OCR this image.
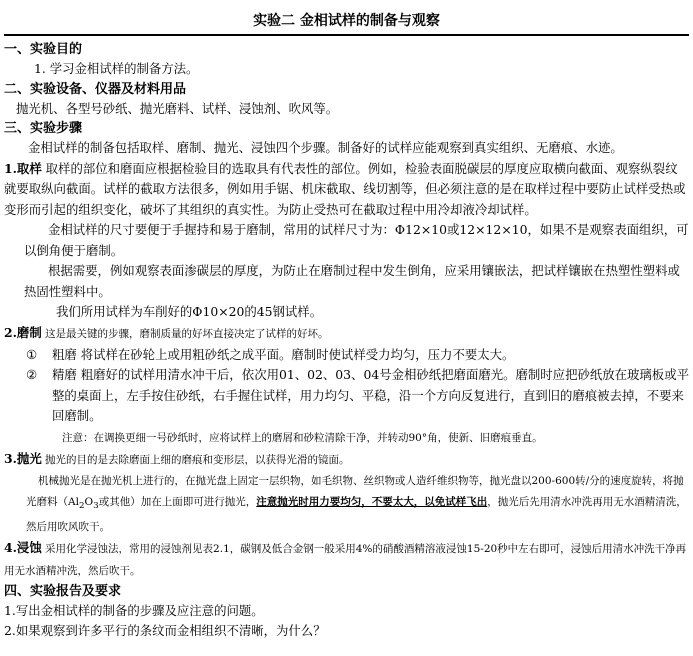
实验二 金相试样的制备与观察
一、实验目的
1. 学习金相试样的制备方法。
二、实验设备、仪器及材料用品
抛光机、各型号砂纸、抛光磨料、试样、浸蚀剂、吹风等。
三、实验步骤
金相试样的制备包括取样、磨制、抛光、浸蚀四个步骤。制备好的试样应能观察到真实组织、无磨痕、水迹。
1.取样 取样的部位和磨面应根据检验目的选取具有代表性的部位。例如，检验表面脱碳层的厚度应取横向截面、观察纵裂纹就要取纵向截面。试样的截取方法很多，例如用手锯、机床截取、线切割等，但必须注意的是在取样过程中要防止试样受热或变形而引起的组织变化，破坏了其组织的真实性。为防止受热可在截取过程中用冷却液冷却试样。
金相试样的尺寸要便于手握持和易于磨制，常用的试样尺寸为：Φ12×10或12×12×10，如果不是观察表面组织，可以倒角便于磨制。
根据需要，例如观察表面渗碳层的厚度，为防止在磨制过程中发生倒角，应采用镶嵌法，把试样镶嵌在热塑性塑料或热固性塑料中。
我们所用试样为车削好的Φ10×20的45钢试样。
2.磨制 这是最关键的步骤，磨制质量的好坏直接决定了试样的好坏。
① 粗磨 将试样在砂轮上或用粗砂纸之成平面。磨制时使试样受力均匀，压力不要太大。
② 精磨 粗磨好的试样用清水冲干后，依次用01、02、03、04号金相砂纸把磨面磨光。磨制时应把砂纸放在玻璃板或平整的桌面上，左手按住砂纸，右手握住试样，用力均匀、平稳，沿一个方向反复进行，直到旧的磨痕被去掉，不要来回磨制。
注意：在调换更细一号砂纸时，应将试样上的磨屑和砂粒清除干净，并转动90°角，使新、旧磨痕垂直。
3.抛光 抛光的目的是去除磨面上细的磨痕和变形层，以获得光滑的镜面。
机械抛光是在抛光机上进行的，在抛光盘上固定一层织物，如毛织物、丝织物或人造纤维织物等，抛光盘以200-600转/分的速度旋转，将抛光磨料（$Al_2O_3$或其他）加在上面即可进行抛光，注意抛光时用力要均匀，不要太大，以免试样飞出，抛光后先用清水冲洗再用无水酒精清洗，然后用吹风吹干。
4.浸蚀 采用化学浸蚀法，常用的浸蚀剂见表2.1，碳钢及低合金钢一般采用4%的硝酸酒精溶液浸蚀15-20秒中左右即可，浸蚀后用清水冲洗干净再用无水酒精冲洗，然后吹干。
四、实验报告及要求
1.写出金相试样的制备的步骤及应注意的问题。
2.如果观察到许多平行的条纹而金相组织不清晰，为什么？
